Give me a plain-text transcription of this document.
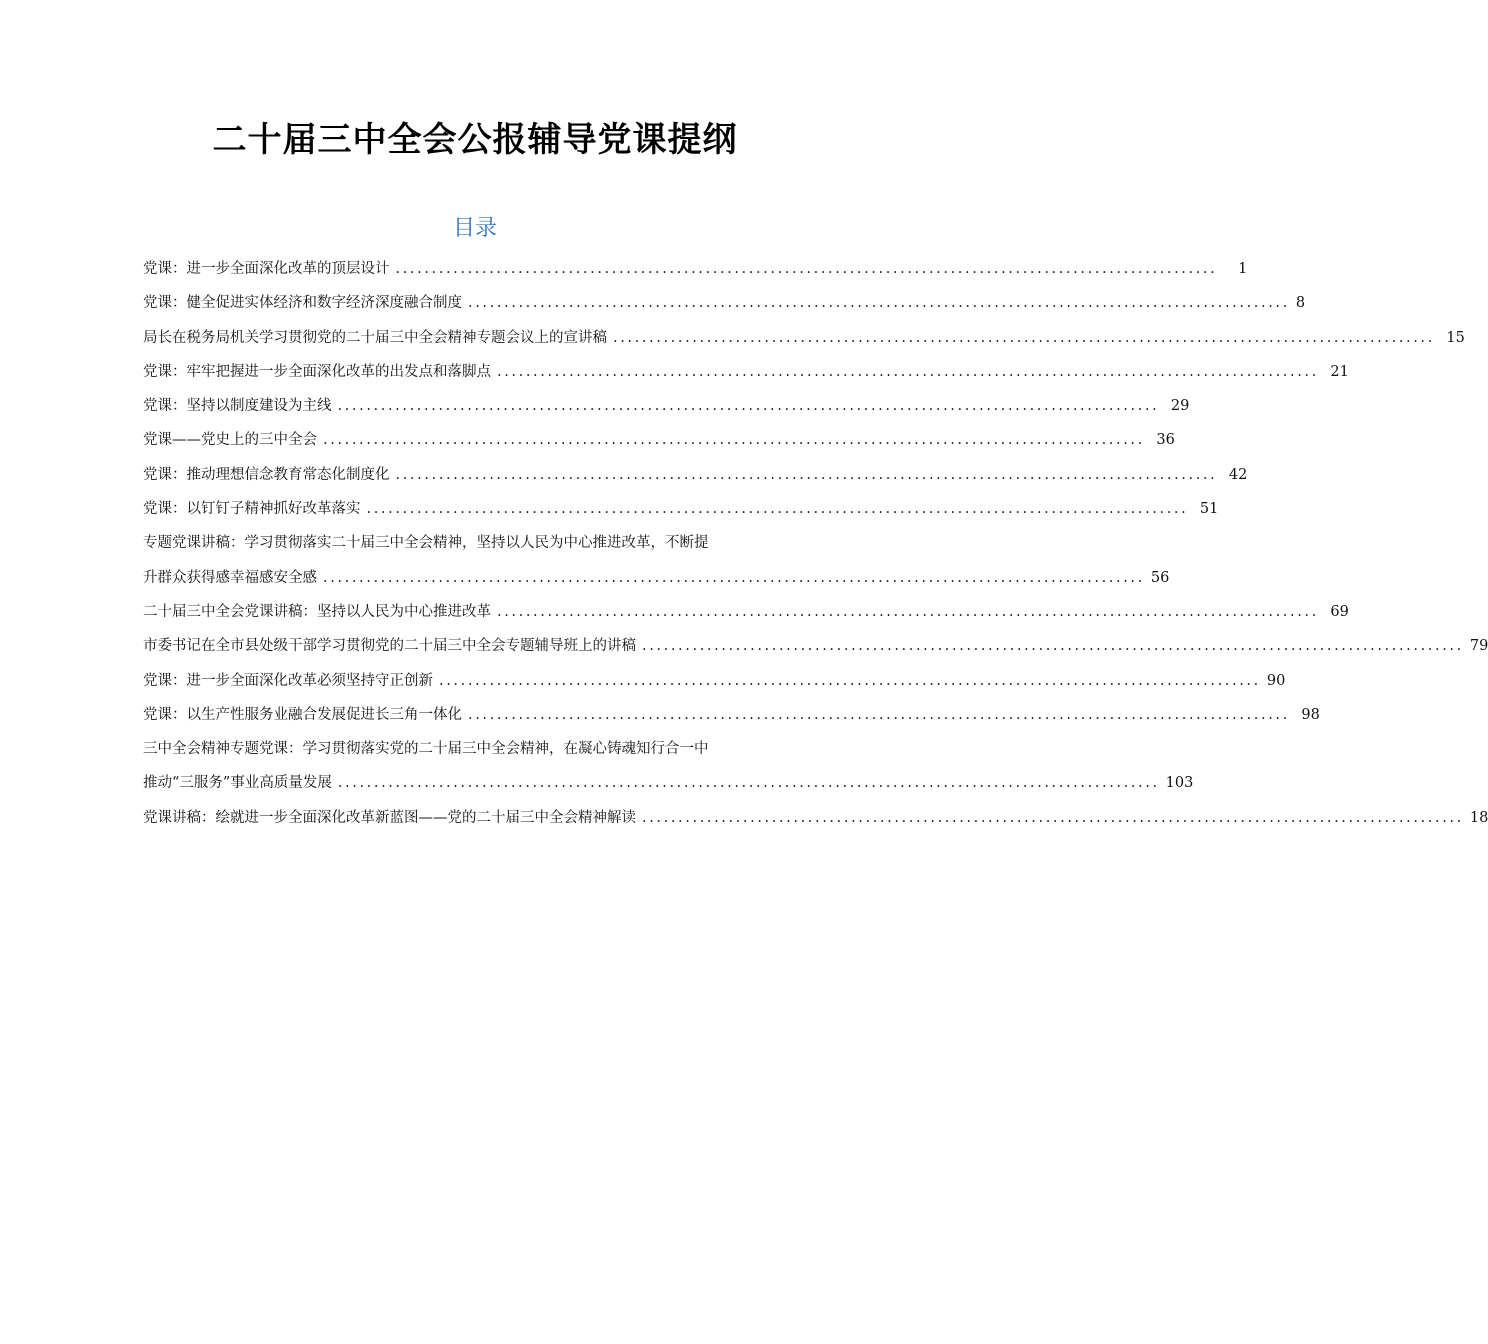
二十届三中全会公报辅导党课提纲
目录
党课：进一步全面深化改革的顶层设计 ..................................................................................................................	1
党课：健全促进实体经济和数字经济深度融合制度 .................................................................................................................. 8
局长在税务局机关学习贯彻党的二十届三中全会精神专题会议上的宣讲稿 .................................................................................................................. 15
党课：牢牢把握进一步全面深化改革的出发点和落脚点 .................................................................................................................. 21
党课：坚持以制度建设为主线 .................................................................................................................. 29
党课——党史上的三中全会 .................................................................................................................. 36
党课：推动理想信念教育常态化制度化 .................................................................................................................. 42
党课：以钉钉子精神抓好改革落实 .................................................................................................................. 51
专题党课讲稿：学习贯彻落实二十届三中全会精神，坚持以人民为中心推进改革，不断提
升群众获得感幸福感安全感 .................................................................................................................. 56
二十届三中全会党课讲稿：坚持以人民为中心推进改革 .................................................................................................................. 69
市委书记在全市县处级干部学习贯彻党的二十届三中全会专题辅导班上的讲稿 .................................................................................................................. 79
党课：进一步全面深化改革必须坚持守正创新 .................................................................................................................. 90
党课：以生产性服务业融合发展促进长三角一体化 .................................................................................................................. 98
三中全会精神专题党课：学习贯彻落实党的二十届三中全会精神，在凝心铸魂知行合一中
推动“三服务”事业高质量发展 .................................................................................................................. 103
党课讲稿：绘就进一步全面深化改革新蓝图——党的二十届三中全会精神解读 .................................................................................................................. 18
